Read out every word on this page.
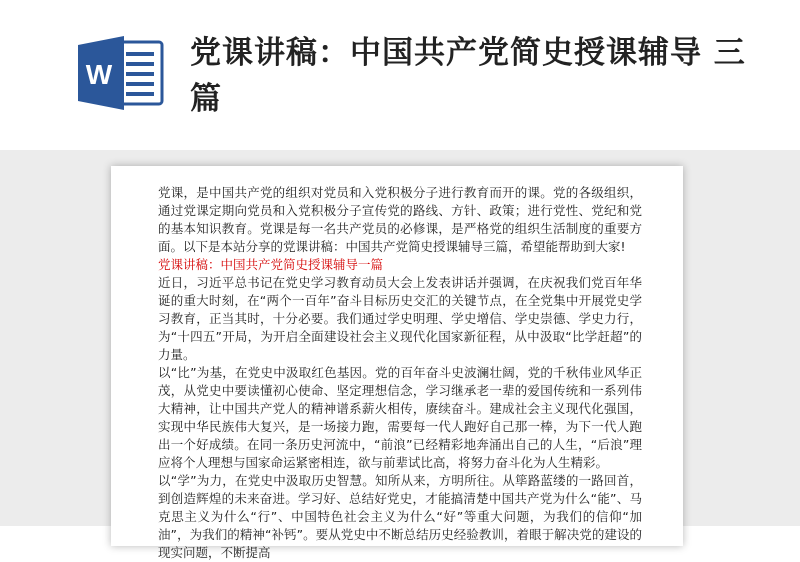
W
党课讲稿：中国共产党简史授课辅导 三篇

党课，是中国共产党的组织对党员和入党积极分子进行教育而开的课。党的各级组织，通过党课定期向党员和入党积极分子宣传党的路线、方针、政策；进行党性、党纪和党的基本知识教育。党课是每一名共产党员的必修课，是严格党的组织生活制度的重要方面。以下是本站分享的党课讲稿：中国共产党简史授课辅导三篇，希望能帮助到大家!

党课讲稿：中国共产党简史授课辅导一篇

近日，习近平总书记在党史学习教育动员大会上发表讲话并强调，在庆祝我们党百年华诞的重大时刻，在“两个一百年”奋斗目标历史交汇的关键节点，在全党集中开展党史学习教育，正当其时，十分必要。我们通过学史明理、学史增信、学史崇德、学史力行，为“十四五”开局，为开启全面建设社会主义现代化国家新征程，从中汲取“比学赶超”的力量。

以“比”为基，在党史中汲取红色基因。党的百年奋斗史波澜壮阔，党的千秋伟业风华正茂，从党史中要读懂初心使命、坚定理想信念，学习继承老一辈的爱国传统和一系列伟大精神，让中国共产党人的精神谱系薪火相传，赓续奋斗。建成社会主义现代化强国，实现中华民族伟大复兴，是一场接力跑，需要每一代人跑好自己那一棒，为下一代人跑出一个好成绩。在同一条历史河流中，“前浪”已经精彩地奔涌出自己的人生，“后浪”理应将个人理想与国家命运紧密相连，欲与前辈试比高，将努力奋斗化为人生精彩。

以“学”为力，在党史中汲取历史智慧。知所从来，方明所往。从筚路蓝缕的一路回首，到创造辉煌的未来奋进。学习好、总结好党史，才能搞清楚中国共产党为什么“能”、马克思主义为什么“行”、中国特色社会主义为什么“好”等重大问题，为我们的信仰“加油”，为我们的精神“补钙”。要从党史中不断总结历史经验教训，着眼于解决党的建设的现实问题，不断提高
